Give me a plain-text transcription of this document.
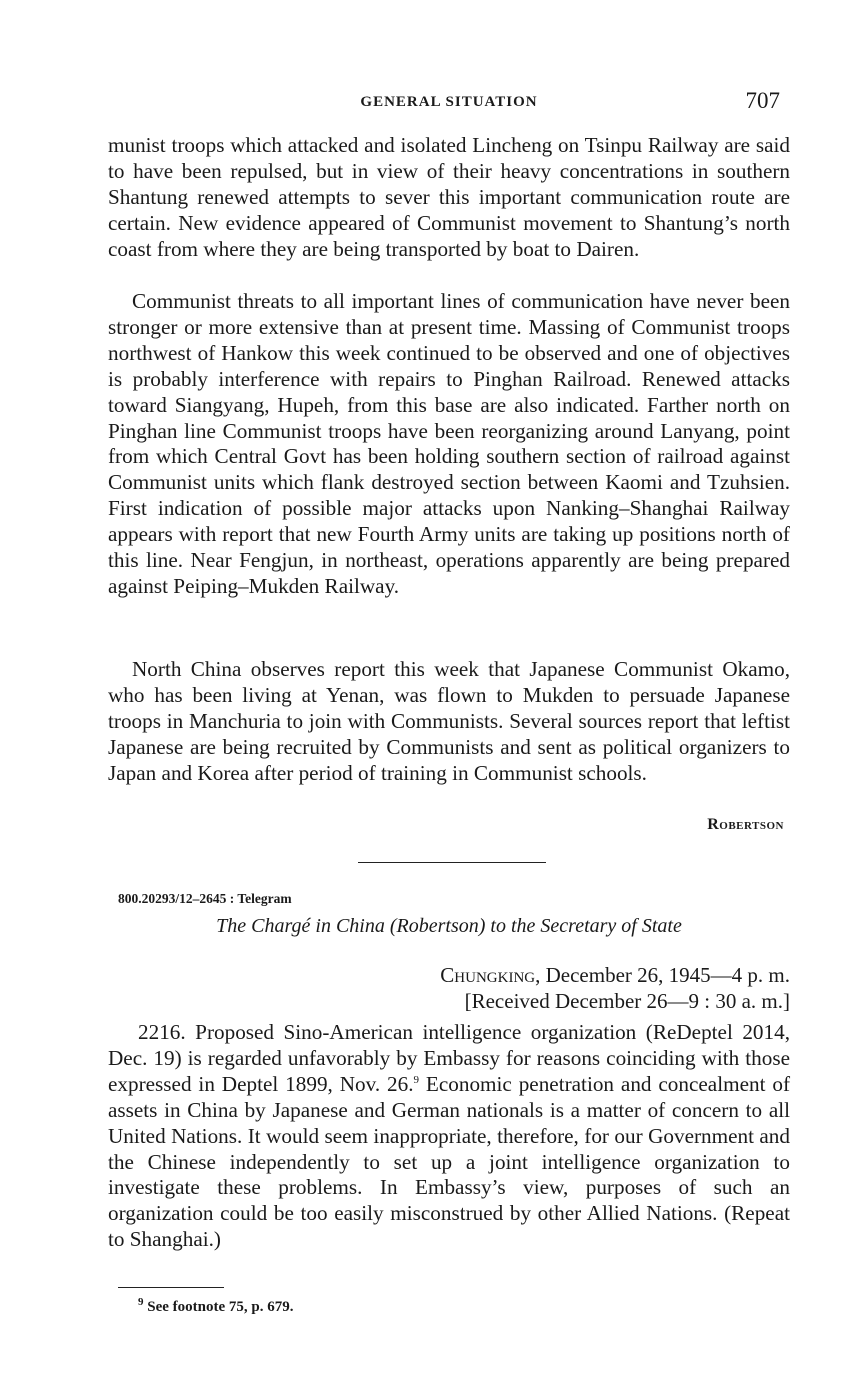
GENERAL SITUATION	707

munist troops which attacked and isolated Lincheng on Tsinpu Railway are said to have been repulsed, but in view of their heavy concentrations in southern Shantung renewed attempts to sever this important communication route are certain. New evidence appeared of Communist movement to Shantung’s north coast from where they are being transported by boat to Dairen.

Communist threats to all important lines of communication have never been stronger or more extensive than at present time. Massing of Communist troops northwest of Hankow this week continued to be observed and one of objectives is probably interference with repairs to Pinghan Railroad. Renewed attacks toward Siangyang, Hupeh, from this base are also indicated. Farther north on Pinghan line Communist troops have been reorganizing around Lanyang, point from which Central Govt has been holding southern section of railroad against Communist units which flank destroyed section between Kaomi and Tzuhsien. First indication of possible major attacks upon Nanking–Shanghai Railway appears with report that new Fourth Army units are taking up positions north of this line. Near Fengjun, in northeast, operations apparently are being prepared against Peiping–Mukden Railway.

North China observes report this week that Japanese Communist Okamo, who has been living at Yenan, was flown to Mukden to persuade Japanese troops in Manchuria to join with Communists. Several sources report that leftist Japanese are being recruited by Communists and sent as political organizers to Japan and Korea after period of training in Communist schools.

Robertson
800.20293/12–2645 : Telegram
The Chargé in China (Robertson) to the Secretary of State
Chungking, December 26, 1945—4 p. m.
[Received December 26—9 : 30 a. m.]

2216. Proposed Sino-American intelligence organization (ReDeptel 2014, Dec. 19) is regarded unfavorably by Embassy for reasons coinciding with those expressed in Deptel 1899, Nov. 26.$^9$ Economic penetration and concealment of assets in China by Japanese and German nationals is a matter of concern to all United Nations. It would seem inappropriate, therefore, for our Government and the Chinese independently to set up a joint intelligence organization to investigate these problems. In Embassy’s view, purposes of such an organization could be too easily misconstrued by other Allied Nations. (Repeat to Shanghai.)

$^9$ See footnote 75, p. 679.
